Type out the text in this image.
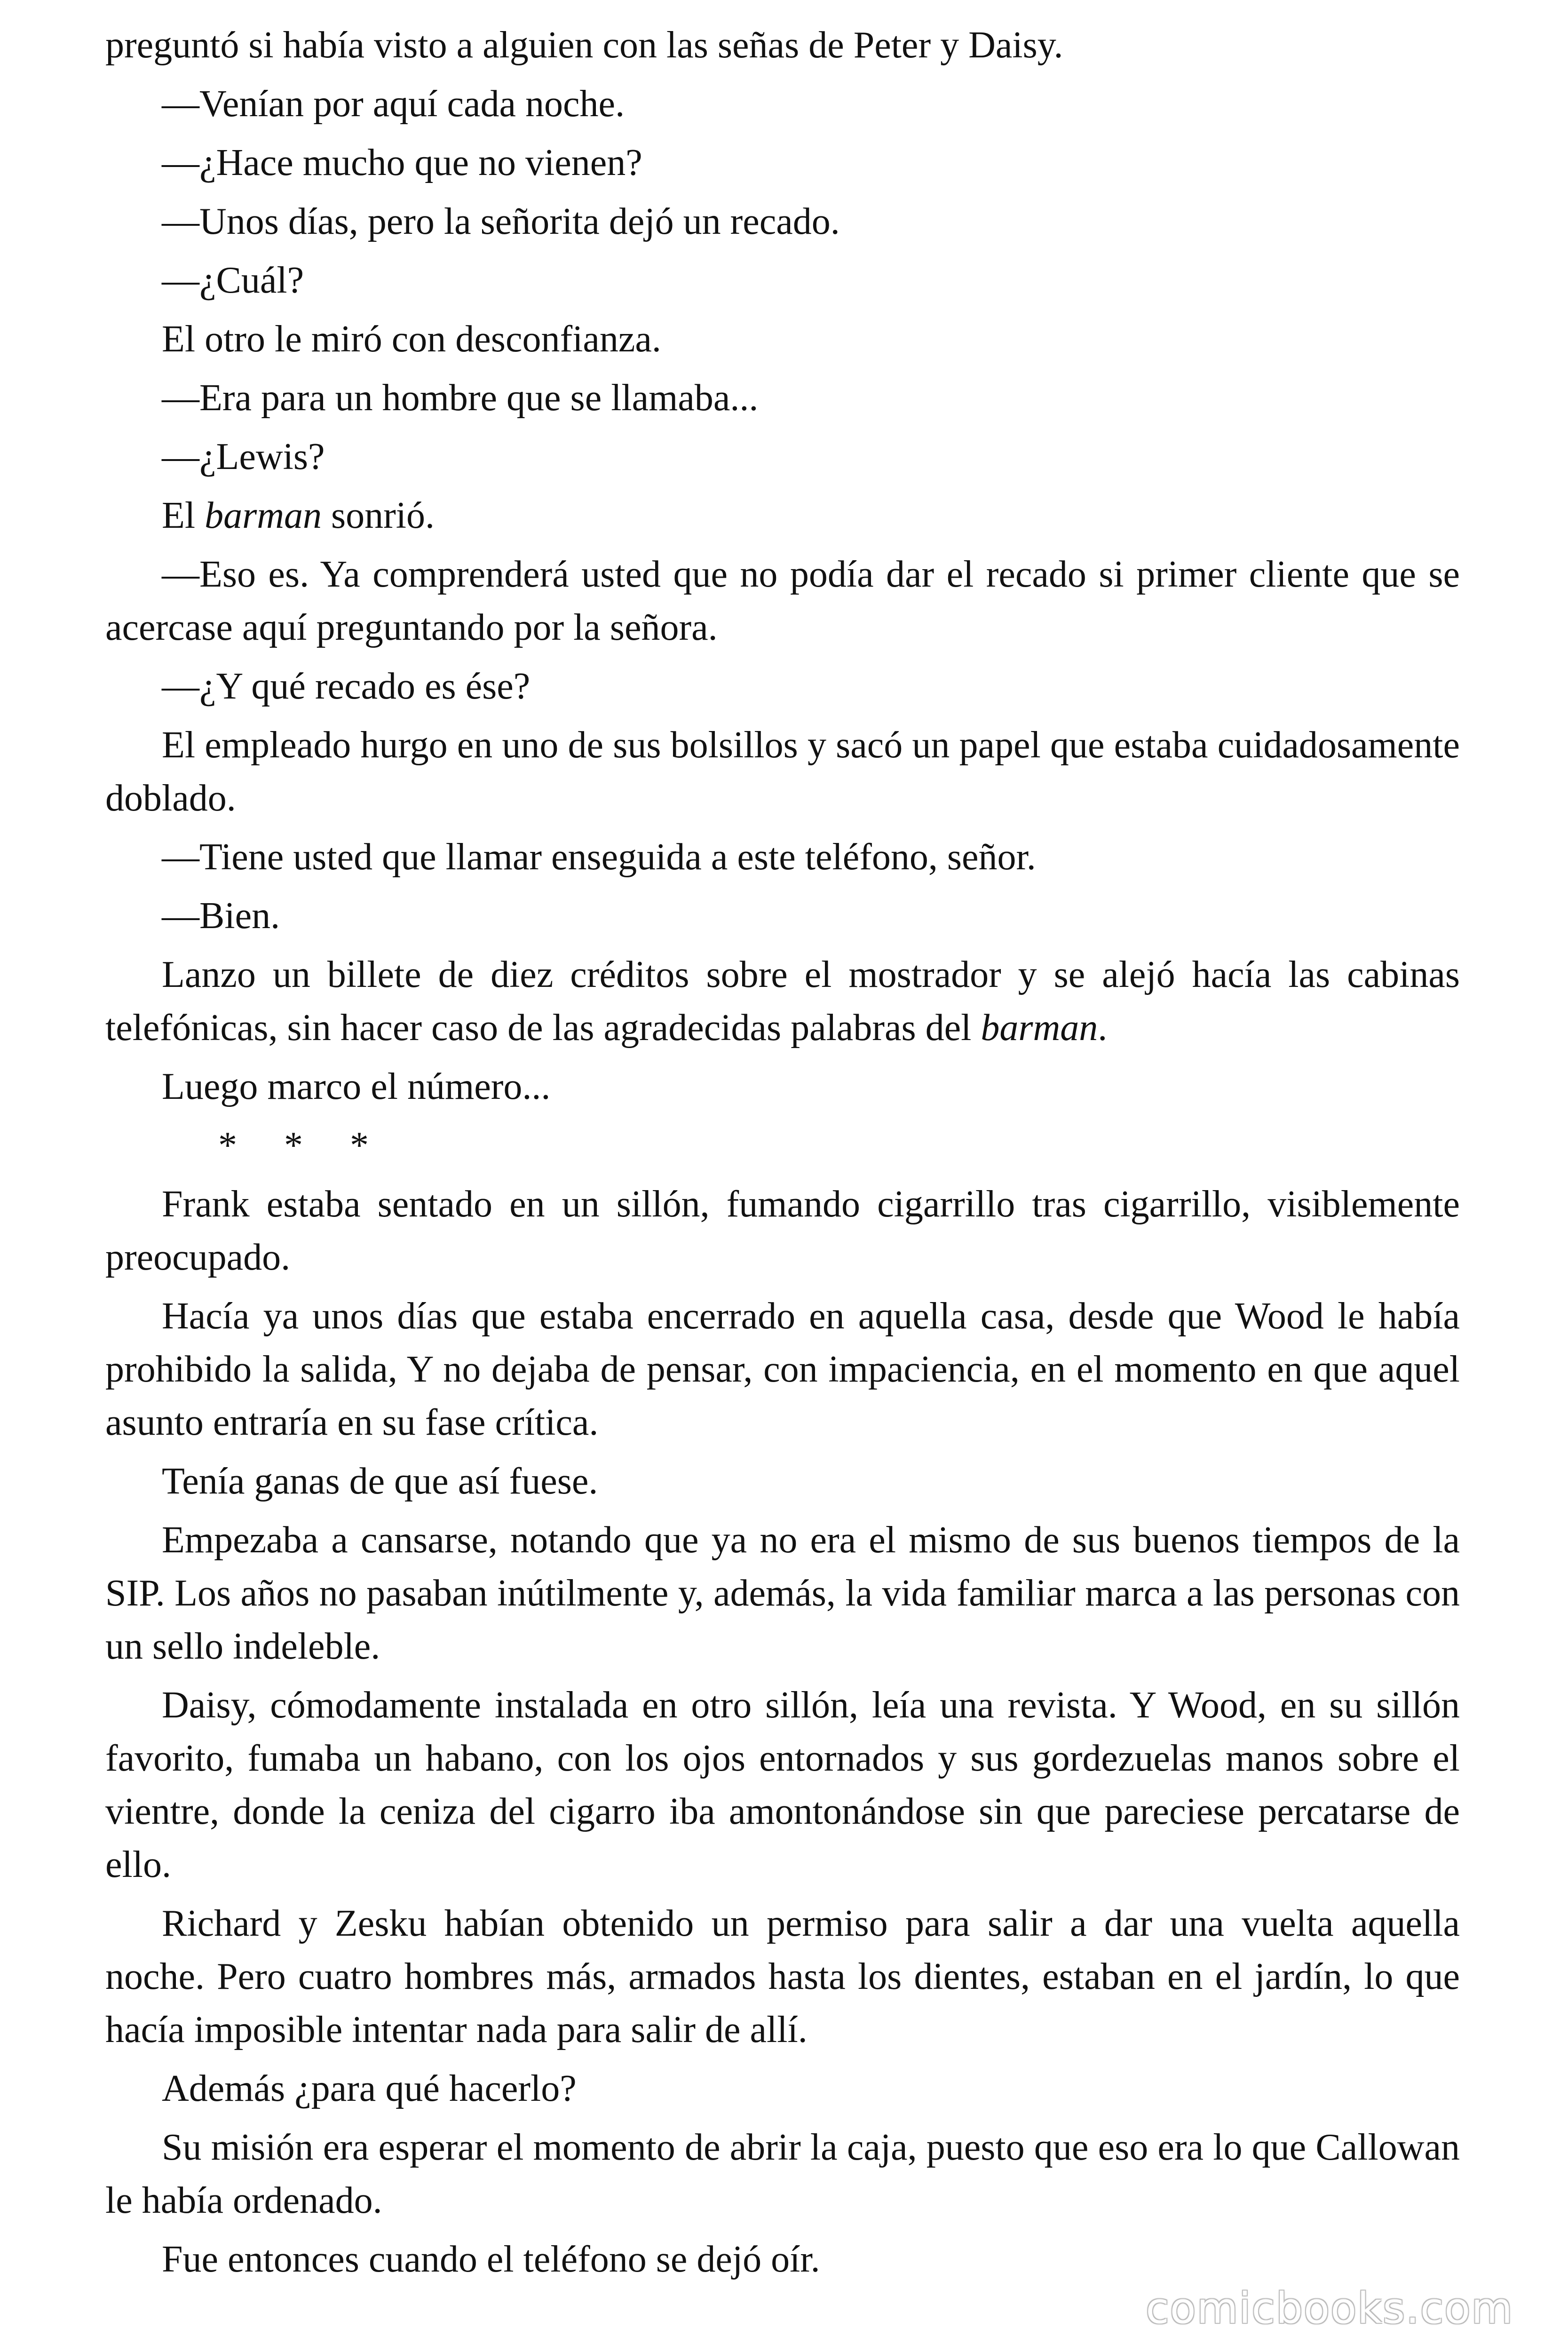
preguntó si había visto a alguien con las señas de Peter y Daisy.

—Venían por aquí cada noche.

—¿Hace mucho que no vienen?

—Unos días, pero la señorita dejó un recado.

—¿Cuál?

El otro le miró con desconfianza.

—Era para un hombre que se llamaba...

—¿Lewis?

El barman sonrió.

—Eso es. Ya comprenderá usted que no podía dar el recado si primer cliente que se acercase aquí preguntando por la señora.

—¿Y qué recado es ése?

El empleado hurgo en uno de sus bolsillos y sacó un papel que estaba cuidadosamente doblado.

—Tiene usted que llamar enseguida a este teléfono, señor.

—Bien.

Lanzo un billete de diez créditos sobre el mostrador y se alejó hacía las cabinas telefónicas, sin hacer caso de las agradecidas palabras del barman.

Luego marco el número...

* * *

Frank estaba sentado en un sillón, fumando cigarrillo tras cigarrillo, visiblemente preocupado.

Hacía ya unos días que estaba encerrado en aquella casa, desde que Wood le había prohibido la salida, Y no dejaba de pensar, con impaciencia, en el momento en que aquel asunto entraría en su fase crítica.

Tenía ganas de que así fuese.

Empezaba a cansarse, notando que ya no era el mismo de sus buenos tiempos de la SIP. Los años no pasaban inútilmente y, además, la vida familiar marca a las personas con un sello indeleble.

Daisy, cómodamente instalada en otro sillón, leía una revista. Y Wood, en su sillón favorito, fumaba un habano, con los ojos entornados y sus gordezuelas manos sobre el vientre, donde la ceniza del cigarro iba amontonándose sin que pareciese percatarse de ello.

Richard y Zesku habían obtenido un permiso para salir a dar una vuelta aquella noche. Pero cuatro hombres más, armados hasta los dientes, estaban en el jardín, lo que hacía imposible intentar nada para salir de allí.

Además ¿para qué hacerlo?

Su misión era esperar el momento de abrir la caja, puesto que eso era lo que Callowan le había ordenado.

Fue entonces cuando el teléfono se dejó oír.

comicbooks.com
